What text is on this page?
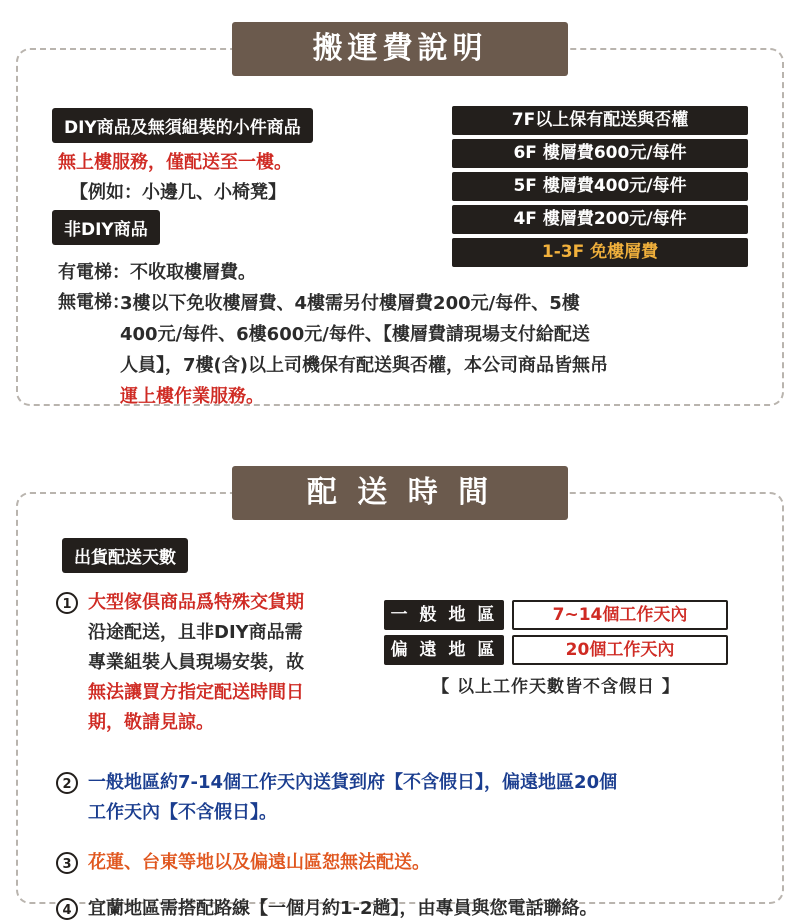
搬運費說明
DIY商品及無須組裝的小件商品
無上樓服務，僅配送至一樓。
【例如：小邊几、小椅凳】
非DIY商品
有電梯：不收取樓層費。
無電梯：
3樓以下免收樓層費、4樓需另付樓層費200元/每件、5樓
400元/每件、6樓600元/每件、【樓層費請現場支付給配送
人員】，7樓(含)以上司機保有配送與否權，本公司商品皆無吊
運上樓作業服務。
7F以上保有配送與否權
6F 樓層費600元/每件
5F 樓層費400元/每件
4F 樓層費200元/每件
1-3F 免樓層費
配 送 時 間
出貨配送天數
一 般 地 區	7~14個工作天內
偏 遠 地 區	20個工作天內
【 以上工作天數皆不含假日 】
1 大型傢俱商品爲特殊交貨期
沿途配送，且非DIY商品需
專業組裝人員現場安裝，故
無法讓買方指定配送時間日
期，敬請見諒。
2 一般地區約7-14個工作天內送貨到府【不含假日】，偏遠地區20個
工作天內【不含假日】。
3 花蓮、台東等地以及偏遠山區恕無法配送。
4 宜蘭地區需搭配路線【一個月約1-2趟】，由專員與您電話聯絡。
